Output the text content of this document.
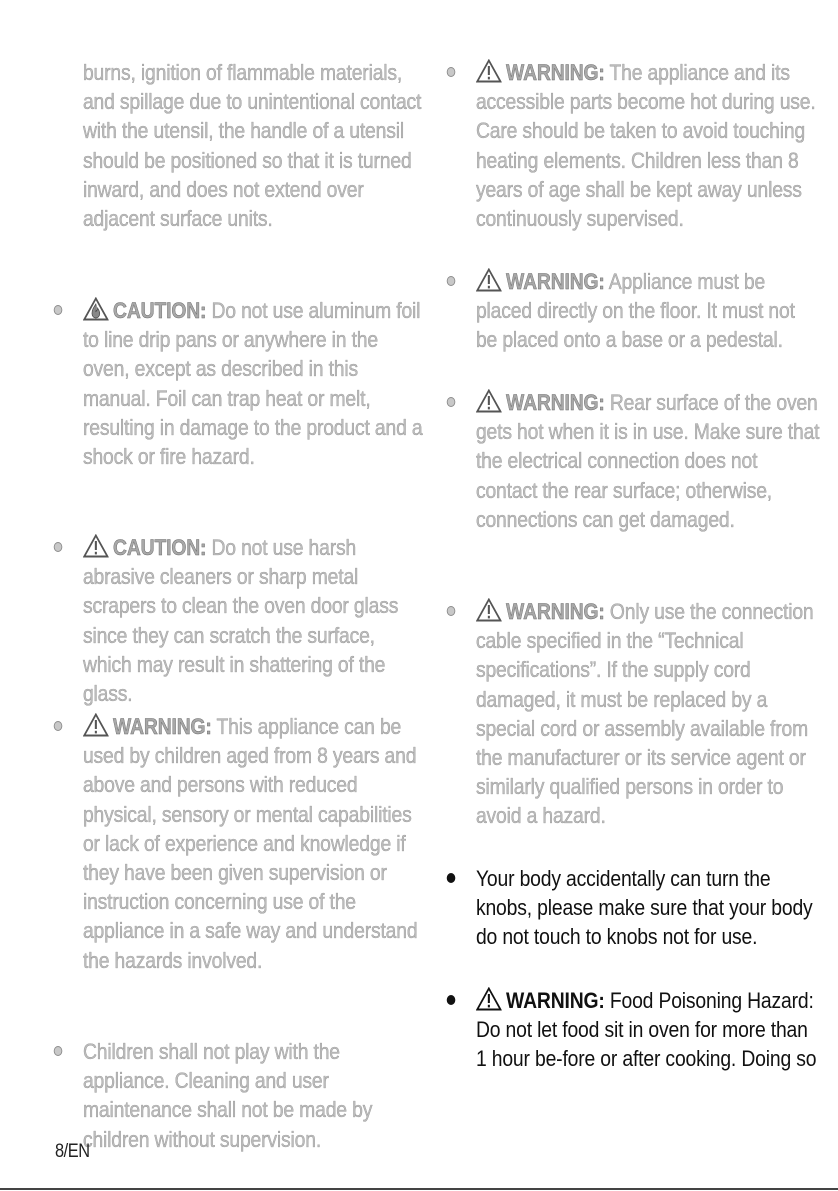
burns, ignition of flammable materials, and spillage due to unintentional contact with the utensil, the handle of a utensil should be positioned so that it is turned inward, and does not extend over adjacent surface units.
CAUTION: Do not use aluminum foil to line drip pans or anywhere in the oven, except as described in this manual. Foil can trap heat or melt, resulting in damage to the product and a shock or fire hazard.
CAUTION: Do not use harsh abrasive cleaners or sharp metal scrapers to clean the oven door glass since they can scratch the surface, which may result in shattering of the glass.
WARNING: This appliance can be used by children aged from 8 years and above and persons with reduced physical, sensory or mental capabilities or lack of experience and knowledge if they have been given supervision or instruction concerning use of the appliance in a safe way and understand the hazards involved.
Children shall not play with the appliance. Cleaning and user maintenance shall not be made by children without supervision.
WARNING: The appliance and its accessible parts become hot during use. Care should be taken to avoid touching heating elements. Children less than 8 years of age shall be kept away unless continuously supervised.
WARNING: Appliance must be placed directly on the floor. It must not be placed onto a base or a pedestal.
WARNING: Rear surface of the oven gets hot when it is in use. Make sure that the electrical connection does not contact the rear surface; otherwise, connections can get damaged.
WARNING: Only use the connection cable specified in the “Technical specifications”. If the supply cord damaged, it must be replaced by a special cord or assembly available from the manufacturer or its service agent or similarly qualified persons in order to avoid a hazard.
Your body accidentally can turn the knobs, please make sure that your body do not touch to knobs not for use.
WARNING: Food Poisoning Hazard: Do not let food sit in oven for more than 1 hour be-fore or after cooking. Doing so
8/EN
